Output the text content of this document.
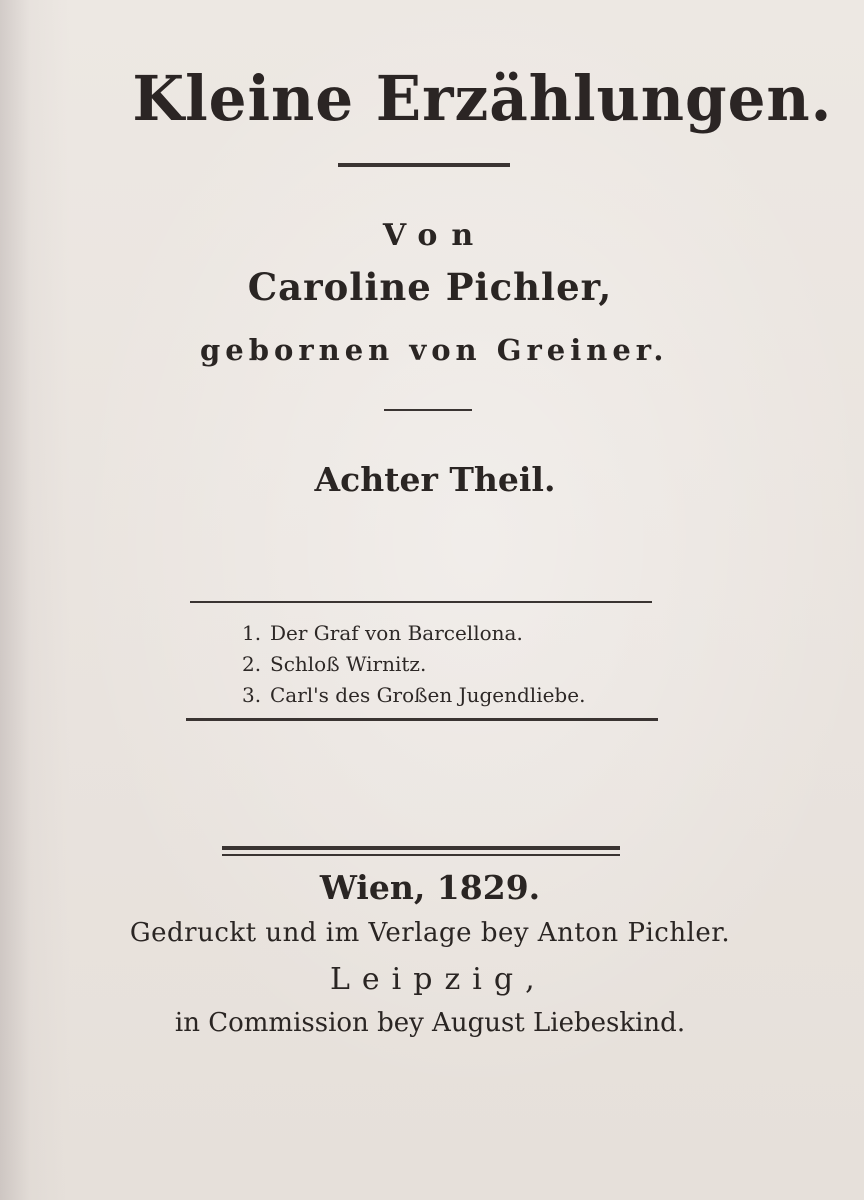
Kleine Erzählungen.
Von
Caroline Pichler,
gebornen von Greiner.
Achter Theil.
1. Der Graf von Barcellona.
2. Schloß Wirnitz.
3. Carl's des Großen Jugendliebe.
Wien, 1829.
Gedruckt und im Verlage bey Anton Pichler.
Leipzig,
in Commission bey August Liebeskind.
